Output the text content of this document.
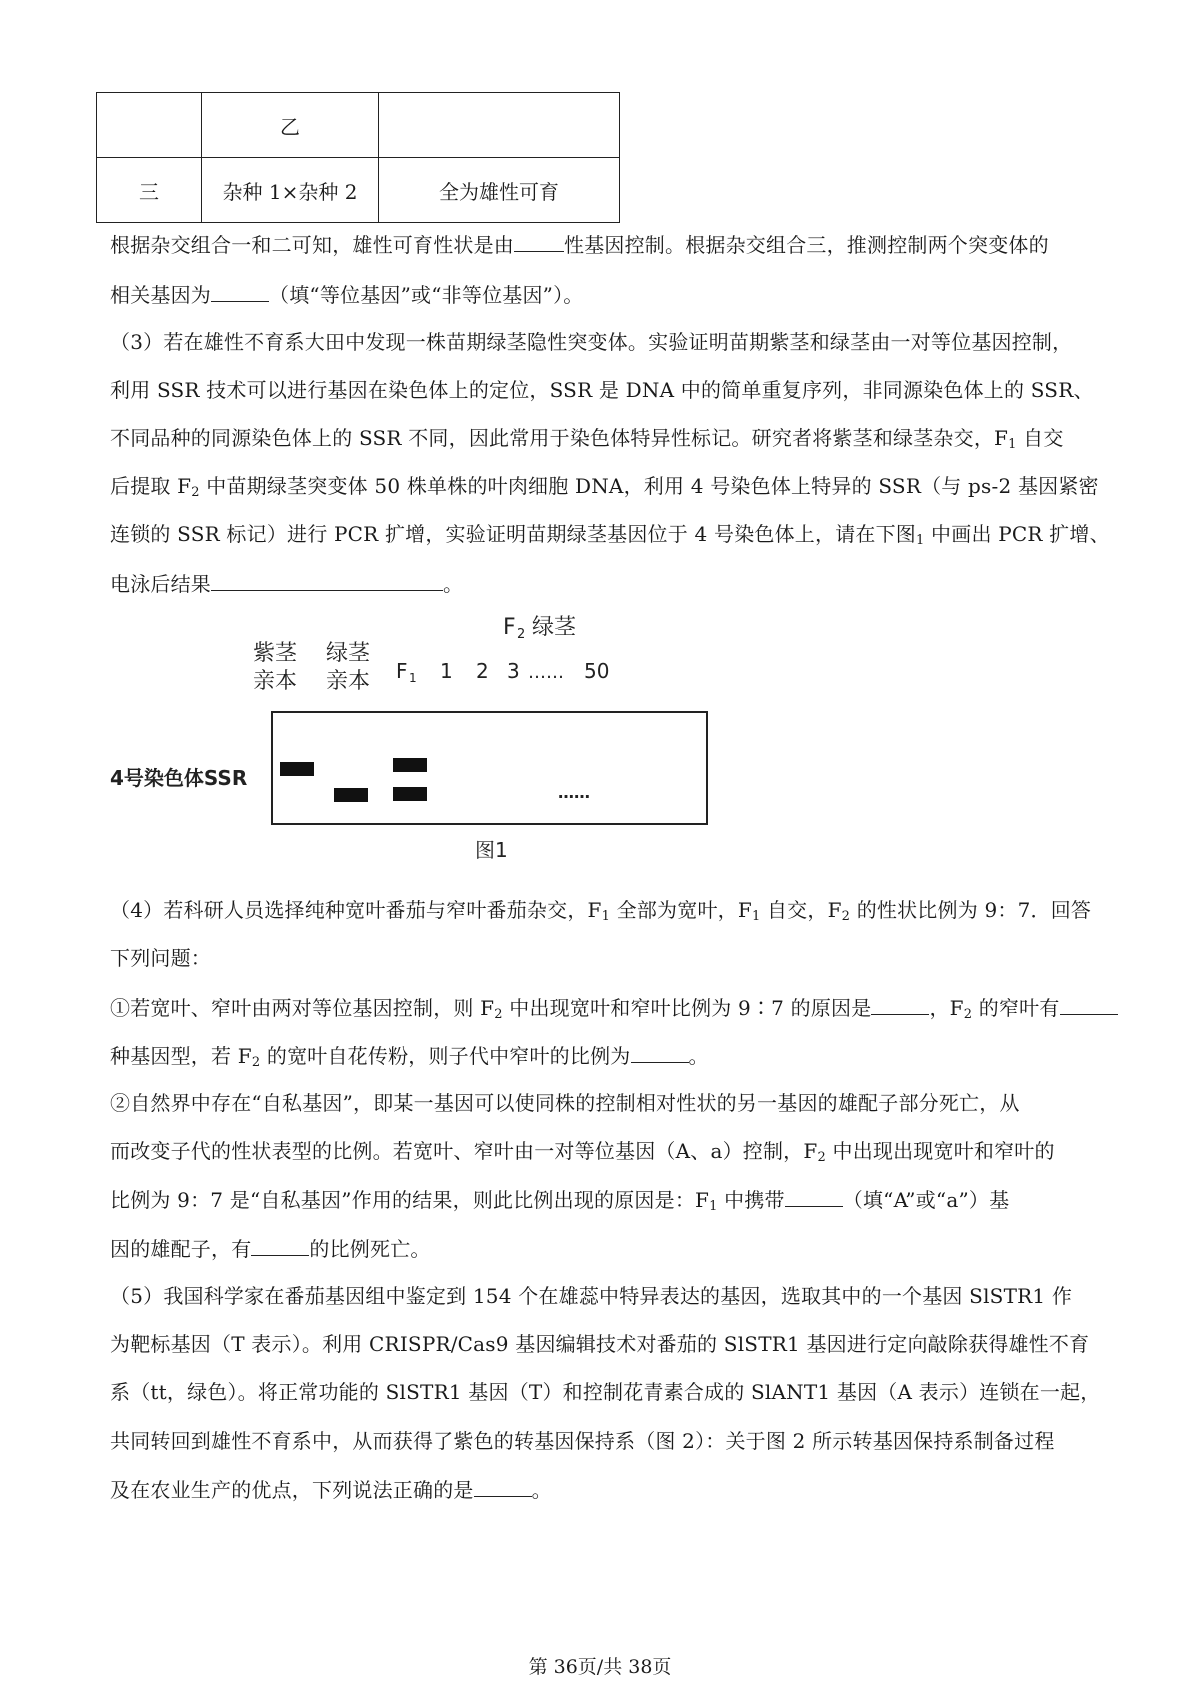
	乙	
三	杂种 1×杂种 2	全为雄性可育
根据杂交组合一和二可知，雄性可育性状是由	性基因控制。根据杂交组合三，推测控制两个突变体的
相关基因为	（填“等位基因”或“非等位基因”）。
（3）若在雄性不育系大田中发现一株苗期绿茎隐性突变体。实验证明苗期紫茎和绿茎由一对等位基因控制，
利用 SSR 技术可以进行基因在染色体上的定位，SSR 是 DNA 中的简单重复序列，非同源染色体上的 SSR、
不同品种的同源染色体上的 SSR 不同，因此常用于染色体特异性标记。研究者将紫茎和绿茎杂交，$F_1$ 自交
后提取 $F_2$ 中苗期绿茎突变体 50 株单株的叶肉细胞 DNA，利用 4 号染色体上特异的 SSR（与 ps-2 基因紧密
连锁的 SSR 标记）进行 PCR 扩增，实验证明苗期绿茎基因位于 4 号染色体上，请在下图$_1$ 中画出 PCR 扩增、
电泳后结果	。
F 2 绿茎
紫茎
亲本
绿茎
亲本 F 1 1 2 3 …… 50
4号染色体SSR
……
图1
（4）若科研人员选择纯种宽叶番茄与窄叶番茄杂交，$F_1$ 全部为宽叶，$F_1$ 自交，$F_2$ 的性状比例为 9：7．回答
下列问题：
①若宽叶、窄叶由两对等位基因控制，则 $F_2$ 中出现宽叶和窄叶比例为 9∶7 的原因是	，$F_2$ 的窄叶有
种基因型，若 $F_2$ 的宽叶自花传粉，则子代中窄叶的比例为	。
②自然界中存在“自私基因”，即某一基因可以使同株的控制相对性状的另一基因的雄配子部分死亡，从
而改变子代的性状表型的比例。若宽叶、窄叶由一对等位基因（A、a）控制，$F_2$ 中出现出现宽叶和窄叶的
比例为 9：7 是“自私基因”作用的结果，则此比例出现的原因是：$F_1$ 中携带	（填“A”或“a”）基
因的雄配子，有	的比例死亡。
（5）我国科学家在番茄基因组中鉴定到 154 个在雄蕊中特异表达的基因，选取其中的一个基因 SlSTR1 作
为靶标基因（T 表示）。利用 CRISPR/Cas9 基因编辑技术对番茄的 SlSTR1 基因进行定向敲除获得雄性不育
系（tt，绿色）。将正常功能的 SlSTR1 基因（T）和控制花青素合成的 SlANT1 基因（A 表示）连锁在一起，
共同转回到雄性不育系中，从而获得了紫色的转基因保持系（图 2）：关于图 2 所示转基因保持系制备过程
及在农业生产的优点，下列说法正确的是	。
第 36页/共 38页
